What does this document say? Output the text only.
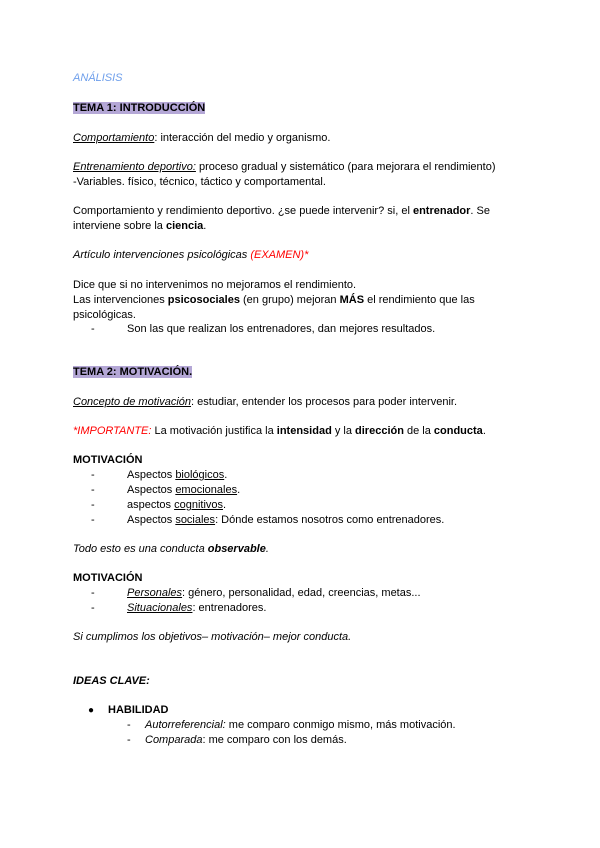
ANÁLISIS

TEMA 1: INTRODUCCIÓN

Comportamiento: interacción del medio y organismo.

Entrenamiento deportivo: proceso gradual y sistemático (para mejorara el rendimiento)

-Variables. físico, técnico, táctico y comportamental.

Comportamiento y rendimiento deportivo. ¿se puede intervenir? si, el entrenador. Se interviene sobre la ciencia.

Artículo intervenciones psicológicas (EXAMEN)*

Dice que si no intervenimos no mejoramos el rendimiento.

Las intervenciones psicosociales (en grupo) mejoran MÁS el rendimiento que las psicológicas.

-	Son las que realizan los entrenadores, dan mejores resultados.

TEMA 2: MOTIVACIÓN.

Concepto de motivación: estudiar, entender los procesos para poder intervenir.

*IMPORTANTE: La motivación justifica la intensidad y la dirección de la conducta.

MOTIVACIÓN

-	Aspectos biológicos.
-	Aspectos emocionales.
-	aspectos cognitivos.
-	Aspectos sociales: Dónde estamos nosotros como entrenadores.

Todo esto es una conducta observable.

MOTIVACIÓN

-	Personales: género, personalidad, edad, creencias, metas...
-	Situacionales: entrenadores.

Si cumplimos los objetivos– motivación– mejor conducta.

IDEAS CLAVE:

● HABILIDAD
- Autorreferencial: me comparo conmigo mismo, más motivación.
- Comparada: me comparo con los demás.
